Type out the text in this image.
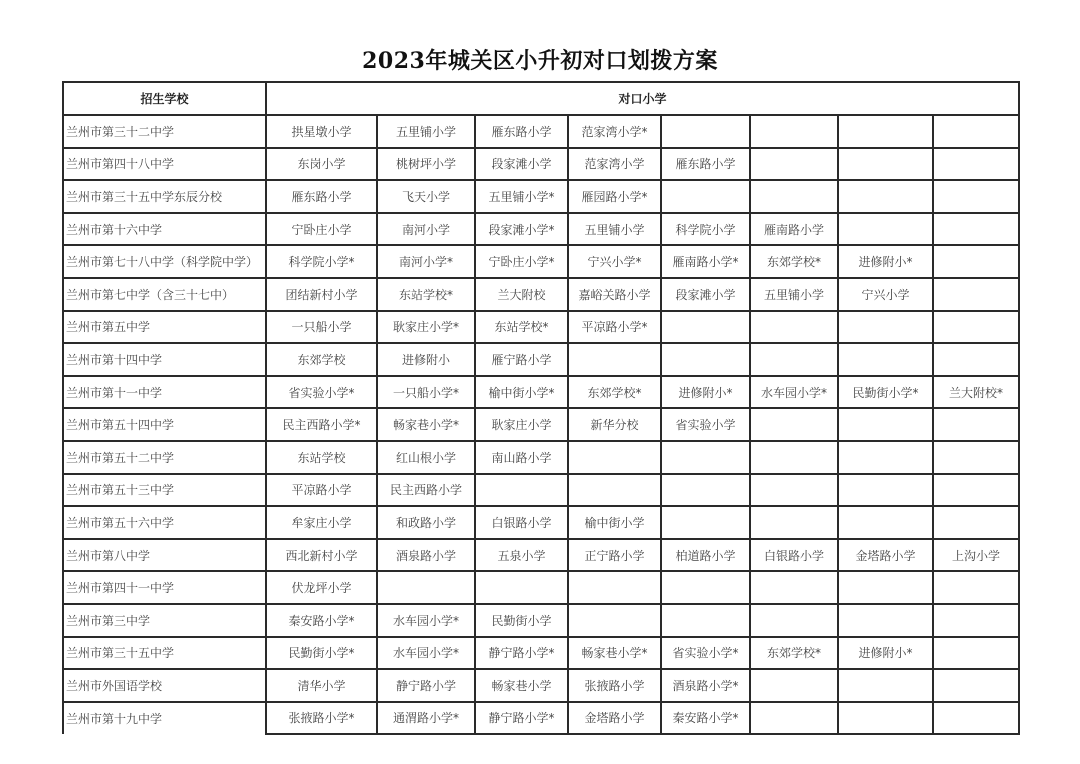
2023年城关区小升初对口划拨方案
招生学校	对口小学							
兰州市第三十二中学	拱星墩小学	五里铺小学	雁东路小学	范家湾小学*				
兰州市第四十八中学	东岗小学	桃树坪小学	段家滩小学	范家湾小学	雁东路小学			
兰州市第三十五中学东辰分校	雁东路小学	飞天小学	五里铺小学*	雁园路小学*				
兰州市第十六中学	宁卧庄小学	南河小学	段家滩小学*	五里铺小学	科学院小学	雁南路小学		
兰州市第七十八中学（科学院中学）	科学院小学*	南河小学*	宁卧庄小学*	宁兴小学*	雁南路小学*	东郊学校*	进修附小*	
兰州市第七中学（含三十七中）	团结新村小学	东站学校*	兰大附校	嘉峪关路小学	段家滩小学	五里铺小学	宁兴小学	
兰州市第五中学	一只船小学	耿家庄小学*	东站学校*	平凉路小学*				
兰州市第十四中学	东郊学校	进修附小	雁宁路小学					
兰州市第十一中学	省实验小学*	一只船小学*	榆中街小学*	东郊学校*	进修附小*	水车园小学*	民勤街小学*	兰大附校*
兰州市第五十四中学	民主西路小学*	畅家巷小学*	耿家庄小学	新华分校	省实验小学			
兰州市第五十二中学	东站学校	红山根小学	南山路小学					
兰州市第五十三中学	平凉路小学	民主西路小学						
兰州市第五十六中学	牟家庄小学	和政路小学	白银路小学	榆中街小学				
兰州市第八中学	西北新村小学	酒泉路小学	五泉小学	正宁路小学	柏道路小学	白银路小学	金塔路小学	上沟小学
兰州市第四十一中学	伏龙坪小学							
兰州市第三中学	秦安路小学*	水车园小学*	民勤街小学					
兰州市第三十五中学	民勤街小学*	水车园小学*	静宁路小学*	畅家巷小学*	省实验小学*	东郊学校*	进修附小*	
兰州市外国语学校	清华小学	静宁路小学	畅家巷小学	张掖路小学	酒泉路小学*			
兰州市第十九中学	张掖路小学*	通渭路小学*	静宁路小学*	金塔路小学	秦安路小学*			
